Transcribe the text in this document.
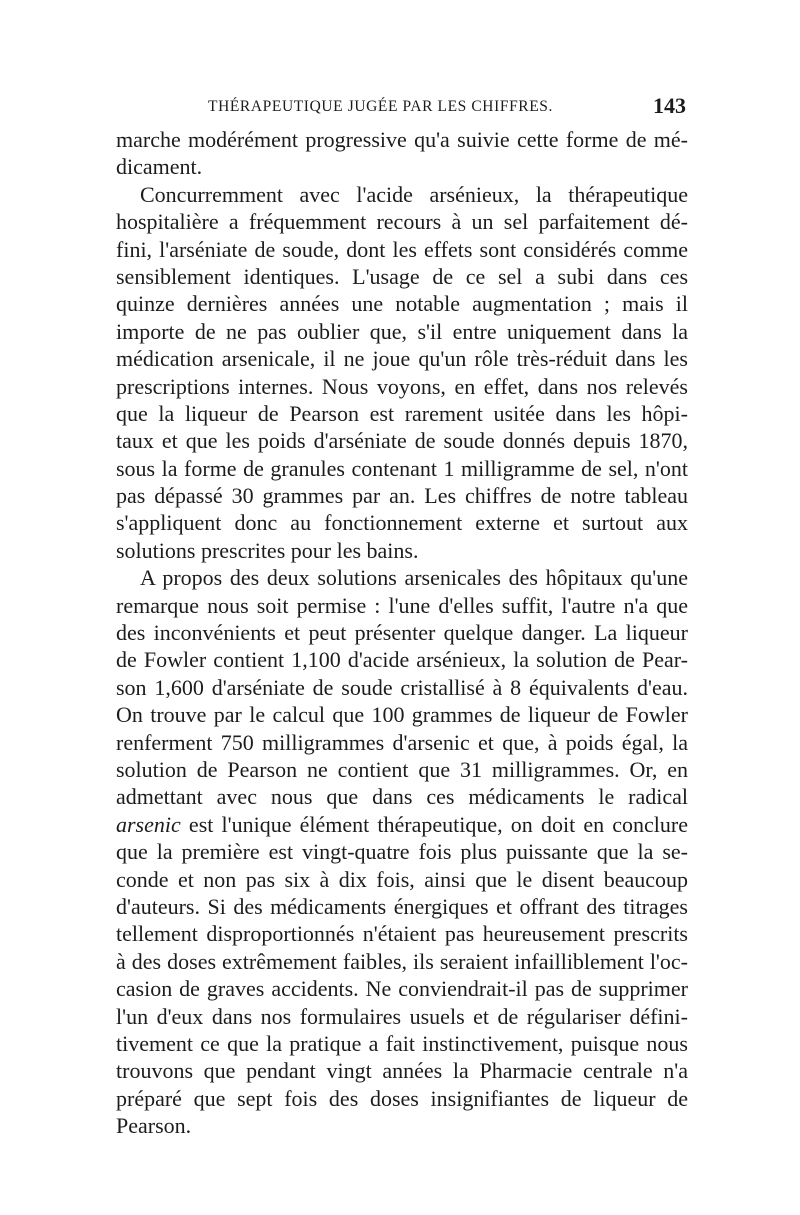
THÉRAPEUTIQUE JUGÉE PAR LES CHIFFRES.	143
marche modérément progressive qu'a suivie cette forme de mé-
dicament.
Concurremment avec l'acide arsénieux, la thérapeutique
hospitalière a fréquemment recours à un sel parfaitement dé-
fini, l'arséniate de soude, dont les effets sont considérés comme
sensiblement identiques. L'usage de ce sel a subi dans ces
quinze dernières années une notable augmentation ; mais il
importe de ne pas oublier que, s'il entre uniquement dans la
médication arsenicale, il ne joue qu'un rôle très-réduit dans les
prescriptions internes. Nous voyons, en effet, dans nos relevés
que la liqueur de Pearson est rarement usitée dans les hôpi-
taux et que les poids d'arséniate de soude donnés depuis 1870,
sous la forme de granules contenant 1 milligramme de sel, n'ont
pas dépassé 30 grammes par an. Les chiffres de notre tableau
s'appliquent donc au fonctionnement externe et surtout aux
solutions prescrites pour les bains.
A propos des deux solutions arsenicales des hôpitaux qu'une
remarque nous soit permise : l'une d'elles suffit, l'autre n'a que
des inconvénients et peut présenter quelque danger. La liqueur
de Fowler contient 1,100 d'acide arsénieux, la solution de Pear-
son 1,600 d'arséniate de soude cristallisé à 8 équivalents d'eau.
On trouve par le calcul que 100 grammes de liqueur de Fowler
renferment 750 milligrammes d'arsenic et que, à poids égal, la
solution de Pearson ne contient que 31 milligrammes. Or, en
admettant avec nous que dans ces médicaments le radical
arsenic est l'unique élément thérapeutique, on doit en conclure
que la première est vingt-quatre fois plus puissante que la se-
conde et non pas six à dix fois, ainsi que le disent beaucoup
d'auteurs. Si des médicaments énergiques et offrant des titrages
tellement disproportionnés n'étaient pas heureusement prescrits
à des doses extrêmement faibles, ils seraient infailliblement l'oc-
casion de graves accidents. Ne conviendrait-il pas de supprimer
l'un d'eux dans nos formulaires usuels et de régulariser défini-
tivement ce que la pratique a fait instinctivement, puisque nous
trouvons que pendant vingt années la Pharmacie centrale n'a
préparé que sept fois des doses insignifiantes de liqueur de
Pearson.
